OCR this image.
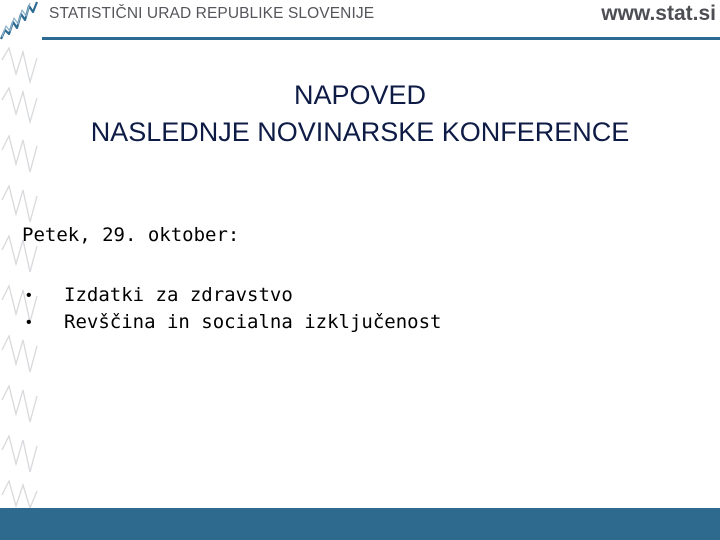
STATISTIČNI URAD REPUBLIKE SLOVENIJE	www.stat.si
NAPOVED
NASLEDNJE NOVINARSKE KONFERENCE
Petek, 29. oktober:
• Izdatki za zdravstvo
• Revščina in socialna izključenost
